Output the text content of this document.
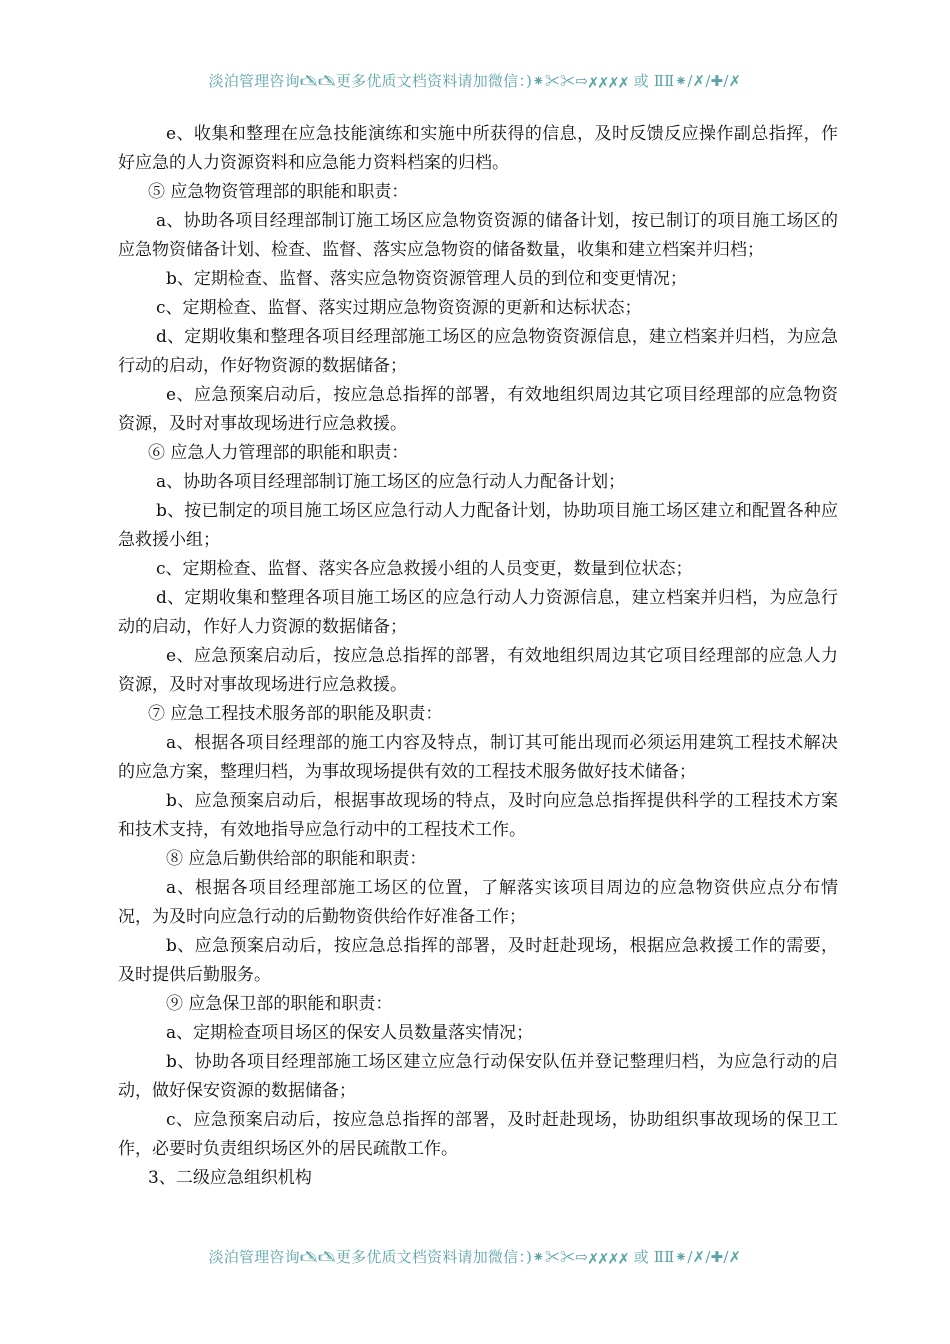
淡泊管理咨询🖎🖎更多优质文档资料请加微信：)⁕✂✂⇨✗✗✗✗ 或 ⅡⅡ⁕/✗/✚/✗

e、收集和整理在应急技能演练和实施中所获得的信息，及时反馈反应操作副总指挥，作好应急的人力资源资料和应急能力资料档案的归档。

⑤ 应急物资管理部的职能和职责：

a、协助各项目经理部制订施工场区应急物资资源的储备计划，按已制订的项目施工场区的应急物资储备计划、检查、监督、落实应急物资的储备数量，收集和建立档案并归档；

b、定期检查、监督、落实应急物资资源管理人员的到位和变更情况；

c、定期检查、监督、落实过期应急物资资源的更新和达标状态；

d、定期收集和整理各项目经理部施工场区的应急物资资源信息，建立档案并归档，为应急行动的启动，作好物资源的数据储备；

e、应急预案启动后，按应急总指挥的部署，有效地组织周边其它项目经理部的应急物资资源，及时对事故现场进行应急救援。

⑥ 应急人力管理部的职能和职责：

a、协助各项目经理部制订施工场区的应急行动人力配备计划；

b、按已制定的项目施工场区应急行动人力配备计划，协助项目施工场区建立和配置各种应急救援小组；

c、定期检查、监督、落实各应急救援小组的人员变更，数量到位状态；

d、定期收集和整理各项目施工场区的应急行动人力资源信息，建立档案并归档，为应急行动的启动，作好人力资源的数据储备；

e、应急预案启动后，按应急总指挥的部署，有效地组织周边其它项目经理部的应急人力资源，及时对事故现场进行应急救援。

⑦ 应急工程技术服务部的职能及职责：

a、根据各项目经理部的施工内容及特点，制订其可能出现而必须运用建筑工程技术解决的应急方案，整理归档，为事故现场提供有效的工程技术服务做好技术储备；

b、应急预案启动后，根据事故现场的特点，及时向应急总指挥提供科学的工程技术方案和技术支持，有效地指导应急行动中的工程技术工作。

⑧ 应急后勤供给部的职能和职责：

a、根据各项目经理部施工场区的位置，了解落实该项目周边的应急物资供应点分布情况，为及时向应急行动的后勤物资供给作好准备工作；

b、应急预案启动后，按应急总指挥的部署，及时赶赴现场，根据应急救援工作的需要，及时提供后勤服务。

⑨ 应急保卫部的职能和职责：

a、定期检查项目场区的保安人员数量落实情况；

b、协助各项目经理部施工场区建立应急行动保安队伍并登记整理归档，为应急行动的启动，做好保安资源的数据储备；

c、应急预案启动后，按应急总指挥的部署，及时赶赴现场，协助组织事故现场的保卫工作，必要时负责组织场区外的居民疏散工作。

3、二级应急组织机构

淡泊管理咨询🖎🖎更多优质文档资料请加微信：)⁕✂✂⇨✗✗✗✗ 或 ⅡⅡ⁕/✗/✚/✗
